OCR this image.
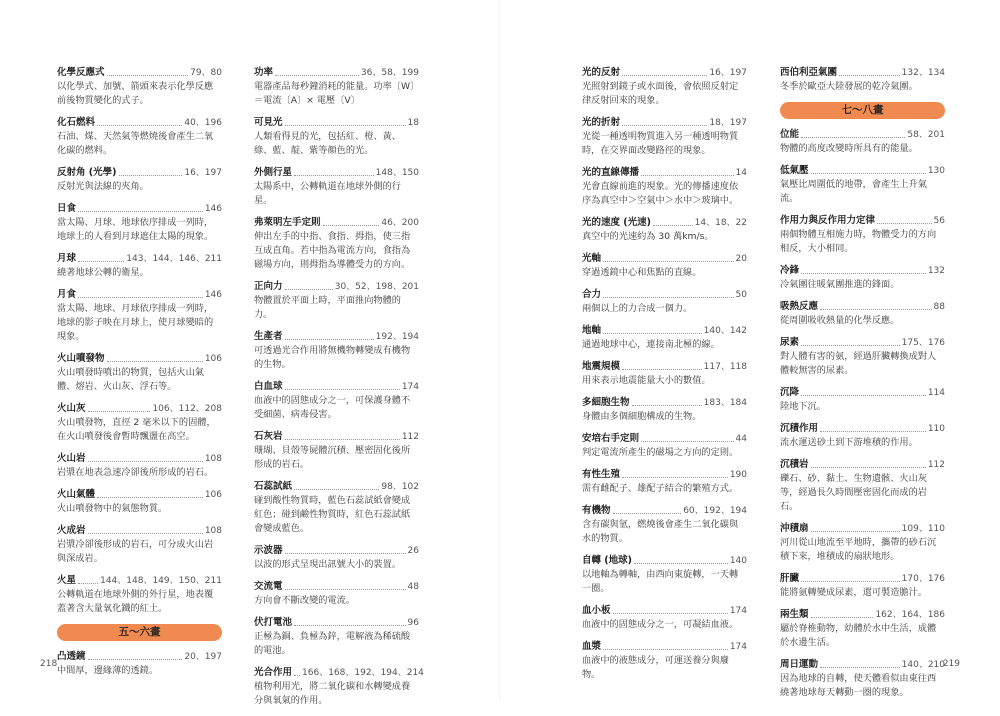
化學反應式	79、80
以化學式、加號、箭頭來表示化學反應前後物質變化的式子。
化石燃料	40、196
石油、煤、天然氣等燃燒後會產生二氧化碳的燃料。
反射角 (光學)	16、197
反射光與法線的夾角。
日食	146
當太陽、月球、地球依序排成一列時，地球上的人看到月球遮住太陽的現象。
月球	143、144、146、211
繞著地球公轉的衛星。
月食	146
當太陽、地球、月球依序排成一列時，地球的影子映在月球上，使月球變暗的現象。
火山噴發物	106
火山噴發時噴出的物質，包括火山氣體、熔岩、火山灰、浮石等。
火山灰	106、112、208
火山噴發物，直徑 2 毫米以下的固體，在火山噴發後會暫時飄盪在高空。
火山岩	108
岩漿在地表急速冷卻後所形成的岩石。
火山氣體	106
火山噴發物中的氣態物質。
火成岩	108
岩漿冷卻後形成的岩石，可分成火山岩與深成岩。
火星	144、148、149、150、211
公轉軌道在地球外側的外行星，地表覆蓋著含大量氧化鐵的紅土。
五～六畫
凸透鏡	20、197
中間厚，邊緣薄的透鏡。
功率	36、58、199
電器產品每秒鐘消耗的能量。功率〔W〕＝電流〔A〕× 電壓〔V〕
可見光	18
人類看得見的光，包括紅、橙、黃、綠、藍、靛、紫等顏色的光。
外側行星	148、150
太陽系中，公轉軌道在地球外側的行星。
弗萊明左手定則	46、200
伸出左手的中指、食指、拇指，使三指互成直角。若中指為電流方向，食指為磁場方向，則拇指為導體受力的方向。
正向力	30、52、198、201
物體置於平面上時，平面推向物體的力。
生產者	192、194
可透過光合作用將無機物轉變成有機物的生物。
白血球	174
血液中的固態成分之一，可保護身體不受細菌、病毒侵害。
石灰岩	112
珊瑚、貝殼等屍體沉積、壓密固化後所形成的岩石。
石蕊試紙	98、102
碰到酸性物質時，藍色石蕊試紙會變成紅色；碰到鹼性物質時，紅色石蕊試紙會變成藍色。
示波器	26
以波的形式呈現出訊號大小的裝置。
交流電	48
方向會不斷改變的電流。
伏打電池	96
正極為銅、負極為鋅，電解液為稀硫酸的電池。
光合作用 166、168、192、194、214
植物利用光，將二氧化碳和水轉變成養分與氧氣的作用。
218
光的反射	16、197
光照射到鏡子或水面後，會依照反射定律反射回來的現象。
光的折射	18、197
光從一種透明物質進入另一種透明物質時，在交界面改變路徑的現象。
光的直線傳播	14
光會直線前進的現象。光的傳播速度依序為真空中＞空氣中＞水中＞玻璃中。
光的速度 (光速)	14、18、22
真空中的光速約為 30 萬km/s。
光軸	20
穿過透鏡中心和焦點的直線。
合力	50
兩個以上的力合成一個力。
地軸	140、142
通過地球中心，連接南北極的線。
地震規模	117、118
用來表示地震能量大小的數值。
多細胞生物	183、184
身體由多個細胞構成的生物。
安培右手定則	44
判定電流所產生的磁場之方向的定則。
有性生殖	190
需有雌配子、雄配子結合的繁殖方式。
有機物	60、192、194
含有碳與氫，燃燒後會產生二氧化碳與水的物質。
自轉 (地球)	140
以地軸為轉軸，由西向東旋轉，一天轉一圈。
血小板	174
血液中的固態成分之一，可凝結血液。
血漿	174
血液中的液態成分，可運送養分與廢物。
西伯利亞氣團	132、134
冬季於歐亞大陸發展的乾冷氣團。
七～八畫
位能	58、201
物體的高度改變時所具有的能量。
低氣壓	130
氣壓比周圍低的地帶，會產生上升氣流。
作用力與反作用力定律	56
兩個物體互相施力時，物體受力的方向相反，大小相同。
冷鋒	132
冷氣團往暖氣團推進的鋒面。
吸熱反應	88
從周圍吸收熱量的化學反應。
尿素	175、176
對人體有害的氨，經過肝臟轉換成對人體較無害的尿素。
沉降	114
陸地下沉。
沉積作用	110
流水運送砂土到下游堆積的作用。
沉積岩	112
礫石、砂、黏土、生物遺骸、火山灰等，經過長久時間壓密固化而成的岩石。
沖積扇	109、110
河川從山地流至平地時，攜帶的砂石沉積下來，堆積成的扇狀地形。
肝臟	170、176
能將氨轉變成尿素，還可製造膽汁。
兩生類	162、164、186
屬於脊椎動物，幼體於水中生活，成體於水邊生活。
周日運動	140、210
因為地球的自轉，使天體看似由東往西繞著地球每天轉動一圈的現象。
219
